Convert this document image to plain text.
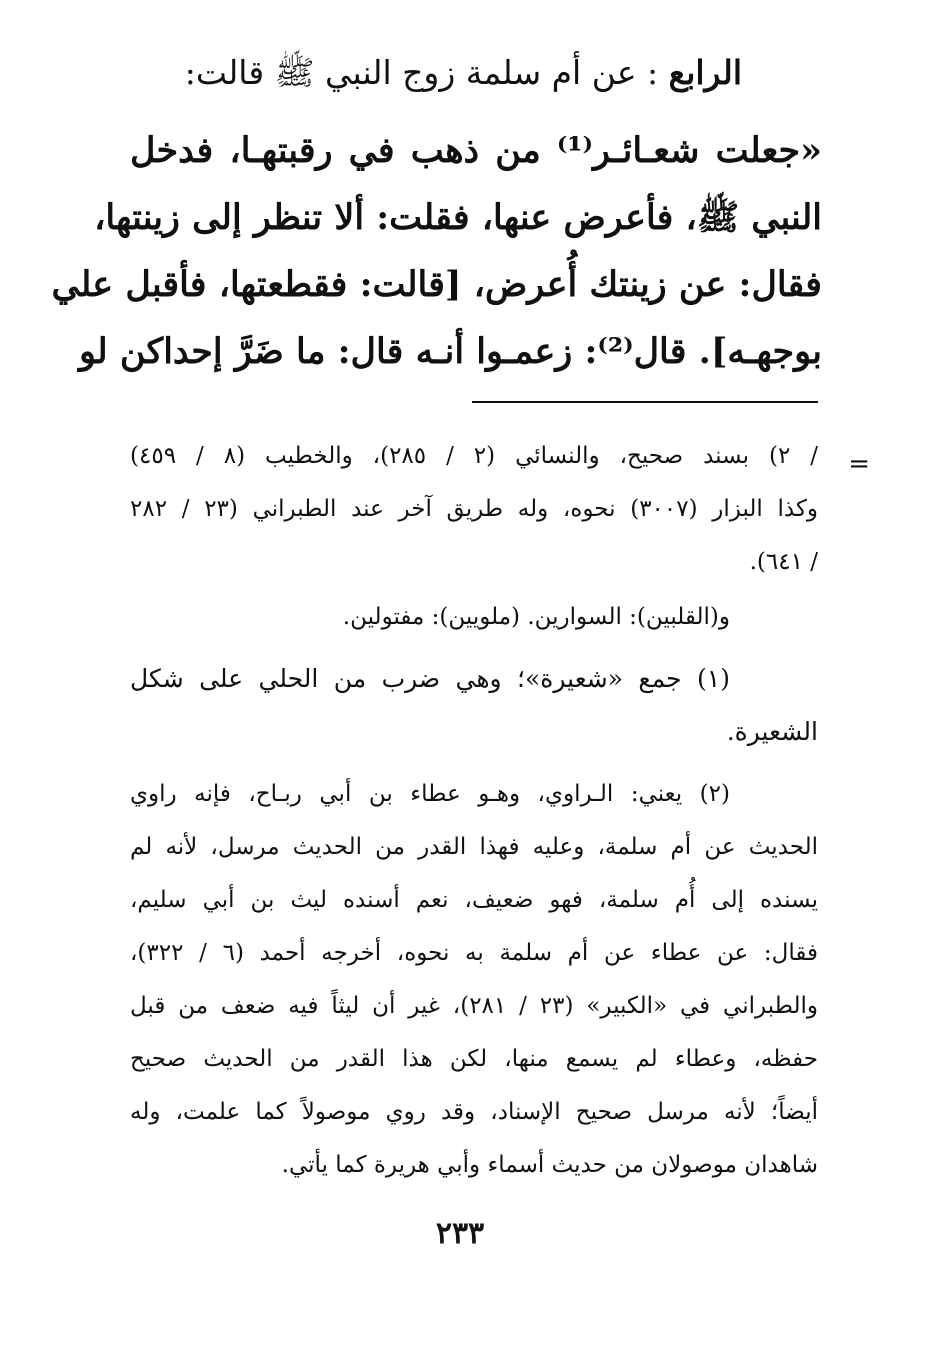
الرابع : عن أم سلمة زوج النبي ﷺ قالت:
«جعلت شعـائـر⁽¹⁾ من ذهب في رقبتهـا، فدخل
النبي ﷺ، فأعرض عنها، فقلت: ألا تنظر إلى زينتها،
فقال: عن زينتك أُعرض، [قالت: فقطعتها، فأقبل علي
بوجهـه]. قال⁽²⁾: زعمـوا أنـه قال: ما ضَرَّ إحداكن لو
=
/ ٢) بسند صحيح، والنسائي (٢ / ٢٨٥)، والخطيب (٨ / ٤٥٩)
وكذا البزار (٣٠٠٧) نحوه، وله طريق آخر عند الطبراني (٢٣ / ٢٨٢
/ ٦٤١).
و(القلبين): السوارين. (ملويين): مفتولين.
(١) جمع «شعيرة»؛ وهي ضرب من الحلي على شكل
الشعيرة.
(٢) يعني: الـراوي، وهـو عطاء بن أبي ربـاح، فإنه راوي
الحديث عن أم سلمة، وعليه فهذا القدر من الحديث مرسل، لأنه لم
يسنده إلى أُم سلمة، فهو ضعيف، نعم أسنده ليث بن أبي سليم،
فقال: عن عطاء عن أم سلمة به نحوه، أخرجه أحمد (٦ / ٣٢٢)،
والطبراني في «الكبير» (٢٣ / ٢٨١)، غير أن ليثاً فيه ضعف من قبل
حفظه، وعطاء لم يسمع منها، لكن هذا القدر من الحديث صحيح
أيضاً؛ لأنه مرسل صحيح الإسناد، وقد روي موصولاً كما علمت، وله
شاهدان موصولان من حديث أسماء وأبي هريرة كما يأتي.
٢٣٣
